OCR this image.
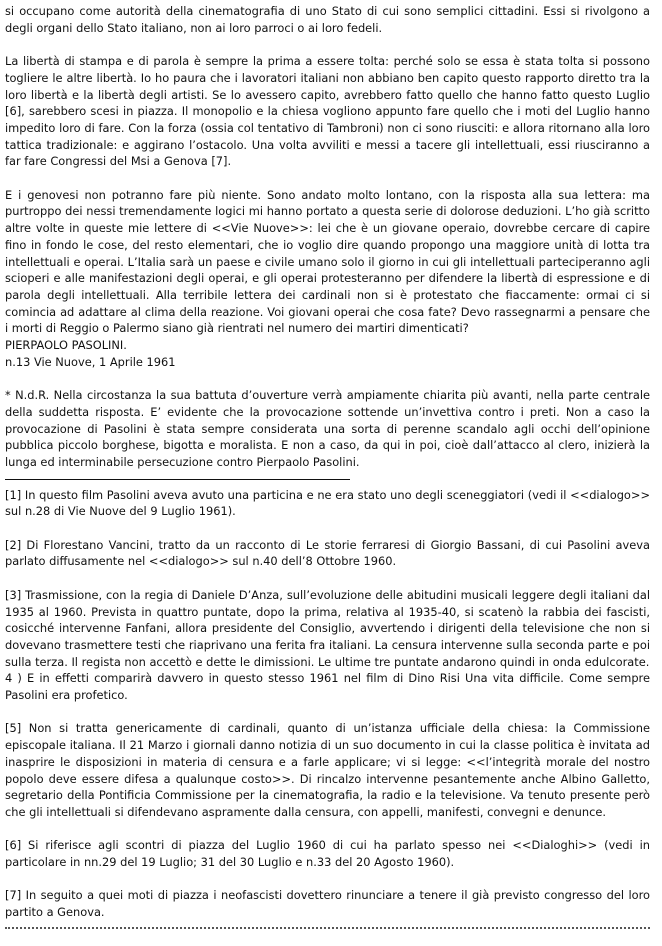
si occupano come autorità della cinematografia di uno Stato di cui sono semplici cittadini. Essi si rivolgono a degli organi dello Stato italiano, non ai loro parroci o ai loro fedeli.

La libertà di stampa e di parola è sempre la prima a essere tolta: perché solo se essa è stata tolta si possono togliere le altre libertà. Io ho paura che i lavoratori italiani non abbiano ben capito questo rapporto diretto tra la loro libertà e la libertà degli artisti. Se lo avessero capito, avrebbero fatto quello che hanno fatto questo Luglio [6], sarebbero scesi in piazza. Il monopolio e la chiesa vogliono appunto fare quello che i moti del Luglio hanno impedito loro di fare. Con la forza (ossia col tentativo di Tambroni) non ci sono riusciti: e allora ritornano alla loro tattica tradizionale: e aggirano l’ostacolo. Una volta avviliti e messi a tacere gli intellettuali, essi riusciranno a far fare Congressi del Msi a Genova [7].

E i genovesi non potranno fare più niente. Sono andato molto lontano, con la risposta alla sua lettera: ma purtroppo dei nessi tremendamente logici mi hanno portato a questa serie di dolorose deduzioni. L’ho già scritto altre volte in queste mie lettere di <<Vie Nuove>>: lei che è un giovane operaio, dovrebbe cercare di capire fino in fondo le cose, del resto elementari, che io voglio dire quando propongo una maggiore unità di lotta tra intellettuali e operai. L’Italia sarà un paese e civile umano solo il giorno in cui gli intellettuali parteciperanno agli scioperi e alle manifestazioni degli operai, e gli operai protesteranno per difendere la libertà di espressione e di parola degli intellettuali. Alla terribile lettera dei cardinali non si è protestato che fiaccamente: ormai ci si comincia ad adattare al clima della reazione. Voi giovani operai che cosa fate? Devo rassegnarmi a pensare che i morti di Reggio o Palermo siano già rientrati nel numero dei martiri dimenticati?

PIERPAOLO PASOLINI.

n.13 Vie Nuove, 1 Aprile 1961

* N.d.R. Nella circostanza la sua battuta d’ouverture verrà ampiamente chiarita più avanti, nella parte centrale della suddetta risposta. E’ evidente che la provocazione sottende un’invettiva contro i preti. Non a caso la provocazione di Pasolini è stata sempre considerata una sorta di perenne scandalo agli occhi dell’opinione pubblica piccolo borghese, bigotta e moralista. E non a caso, da qui in poi, cioè dall’attacco al clero, inizierà la lunga ed interminabile persecuzione contro Pierpaolo Pasolini.

[1] In questo film Pasolini aveva avuto una particina e ne era stato uno degli sceneggiatori (vedi il <<dialogo>> sul n.28 di Vie Nuove del 9 Luglio 1961).

[2] Di Florestano Vancini, tratto da un racconto di Le storie ferraresi di Giorgio Bassani, di cui Pasolini aveva parlato diffusamente nel <<dialogo>> sul n.40 dell’8 Ottobre 1960.

[3] Trasmissione, con la regia di Daniele D’Anza, sull’evoluzione delle abitudini musicali leggere degli italiani dal 1935 al 1960. Prevista in quattro puntate, dopo la prima, relativa al 1935-40, si scatenò la rabbia dei fascisti, cosicché intervenne Fanfani, allora presidente del Consiglio, avvertendo i dirigenti della televisione che non si dovevano trasmettere testi che riaprivano una ferita fra italiani. La censura intervenne sulla seconda parte e poi sulla terza. Il regista non accettò e dette le dimissioni. Le ultime tre puntate andarono quindi in onda edulcorate.

4 ) E in effetti comparirà davvero in questo stesso 1961 nel film di Dino Risi Una vita difficile. Come sempre Pasolini era profetico.

[5] Non si tratta genericamente di cardinali, quanto di un’istanza ufficiale della chiesa: la Commissione episcopale italiana. Il 21 Marzo i giornali danno notizia di un suo documento in cui la classe politica è invitata ad inasprire le disposizioni in materia di censura e a farle applicare; vi si legge: <<l’integrità morale del nostro popolo deve essere difesa a qualunque costo>>. Di rincalzo intervenne pesantemente anche Albino Galletto, segretario della Pontificia Commissione per la cinematografia, la radio e la televisione. Va tenuto presente però che gli intellettuali si difendevano aspramente dalla censura, con appelli, manifesti, convegni e denunce.

[6] Si riferisce agli scontri di piazza del Luglio 1960 di cui ha parlato spesso nei <<Dialoghi>> (vedi in particolare in nn.29 del 19 Luglio; 31 del 30 Luglio e n.33 del 20 Agosto 1960).

[7] In seguito a quei moti di piazza i neofascisti dovettero rinunciare a tenere il già previsto congresso del loro partito a Genova.
